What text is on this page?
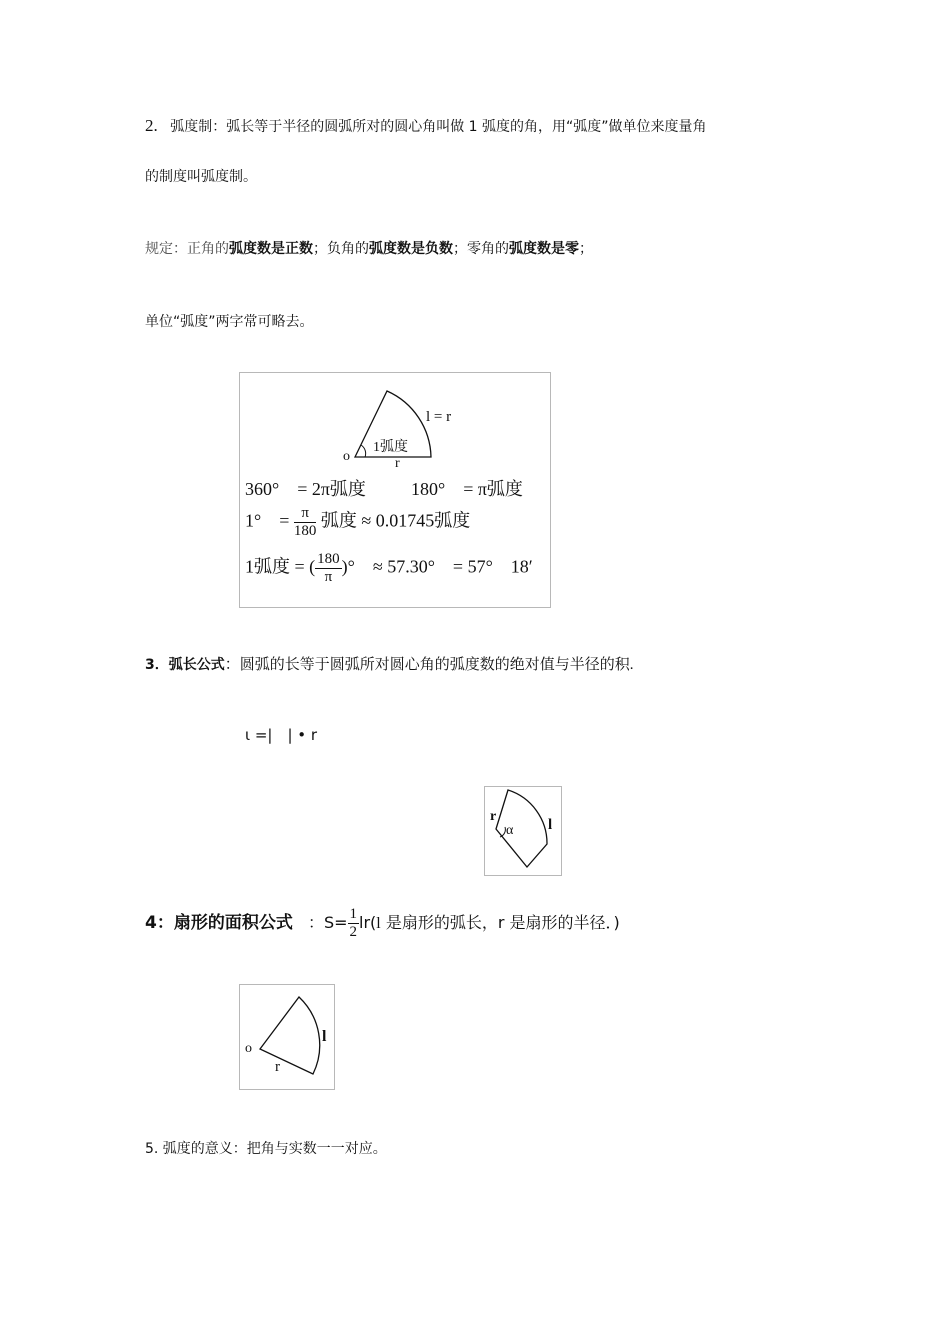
2. 弧度制：弧长等于半径的圆弧所对的圆心角叫做 1 弧度的角，用“弧度”做单位来度量角
的制度叫弧度制。
规定：正角的弧度数是正数；负角的弧度数是负数；零角的弧度数是零；
单位“弧度”两字常可略去。
l = r
1弧度
o	r
360°　= 2π弧度	180°　= π弧度
1°　= $\frac{\pi}{180}$ 弧度 ≈ 0.01745弧度
1弧度 = ( $\frac{180}{\pi}$ )°　≈ 57.30°　= 57°　18′
3．弧长公式：圆弧的长等于圆弧所对圆心角的弧度数的绝对值与半径的积.
ι =|　| • r
r
α l
4：扇形的面积公式 ：$S= \frac{1}{2} lr(l$ 是扇形的弧长，r 是扇形的半径．)
o
r
l
5. 弧度的意义：把角与实数一一对应。
